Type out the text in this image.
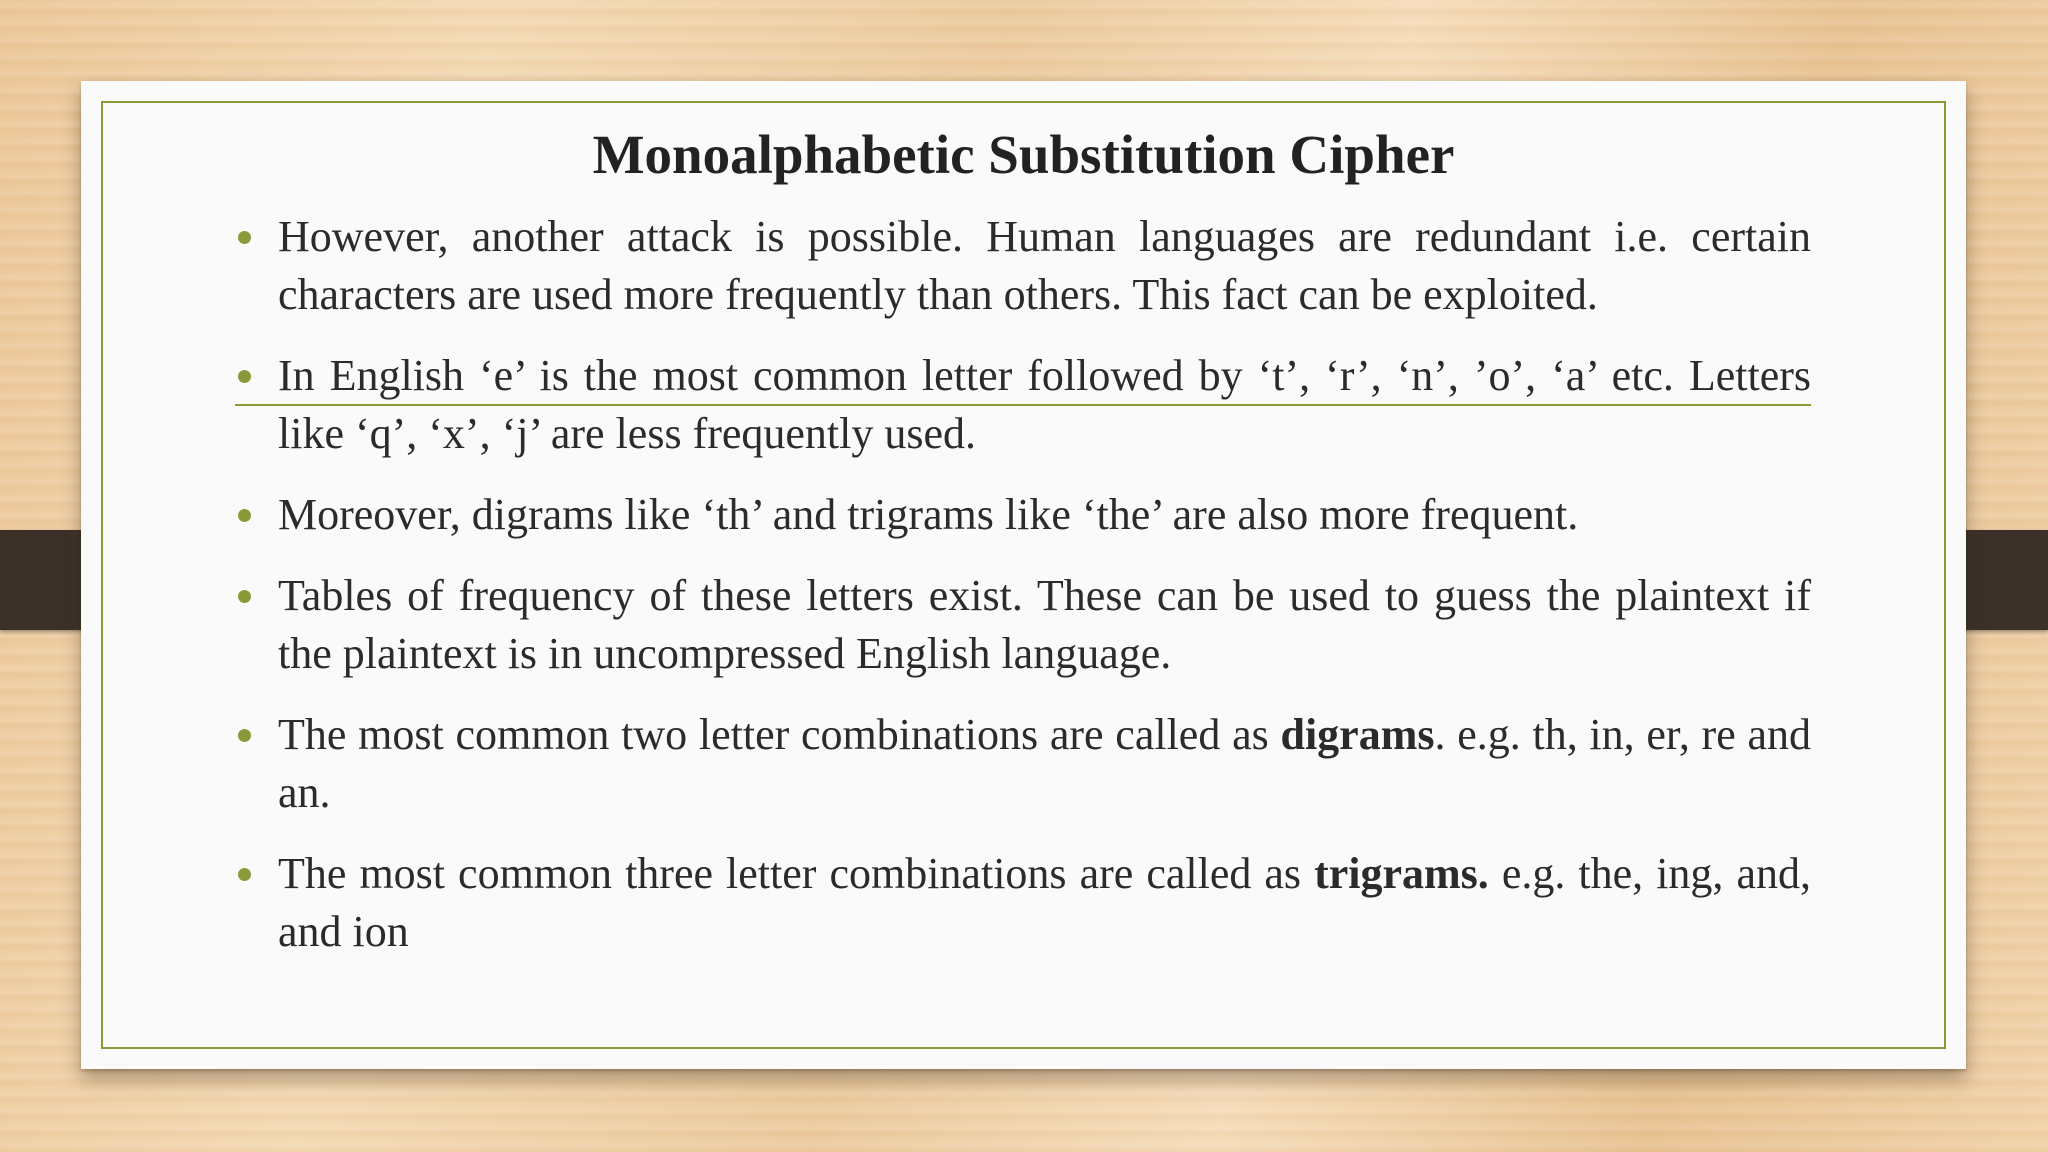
Monoalphabetic Substitution Cipher
However, another attack is possible. Human languages are redundant i.e. certain characters are used more frequently than others. This fact can be exploited.
In English ‘e’ is the most common letter followed by ‘t’, ‘r’, ‘n’, ’o’, ‘a’ etc. Letters like ‘q’, ‘x’, ‘j’ are less frequently used.
Moreover, digrams like ‘th’ and trigrams like ‘the’ are also more frequent.
Tables of frequency of these letters exist. These can be used to guess the plaintext if the plaintext is in uncompressed English language.
The most common two letter combinations are called as digrams. e.g. th, in, er, re and an.
The most common three letter combinations are called as trigrams. e.g. the, ing, and, and ion
